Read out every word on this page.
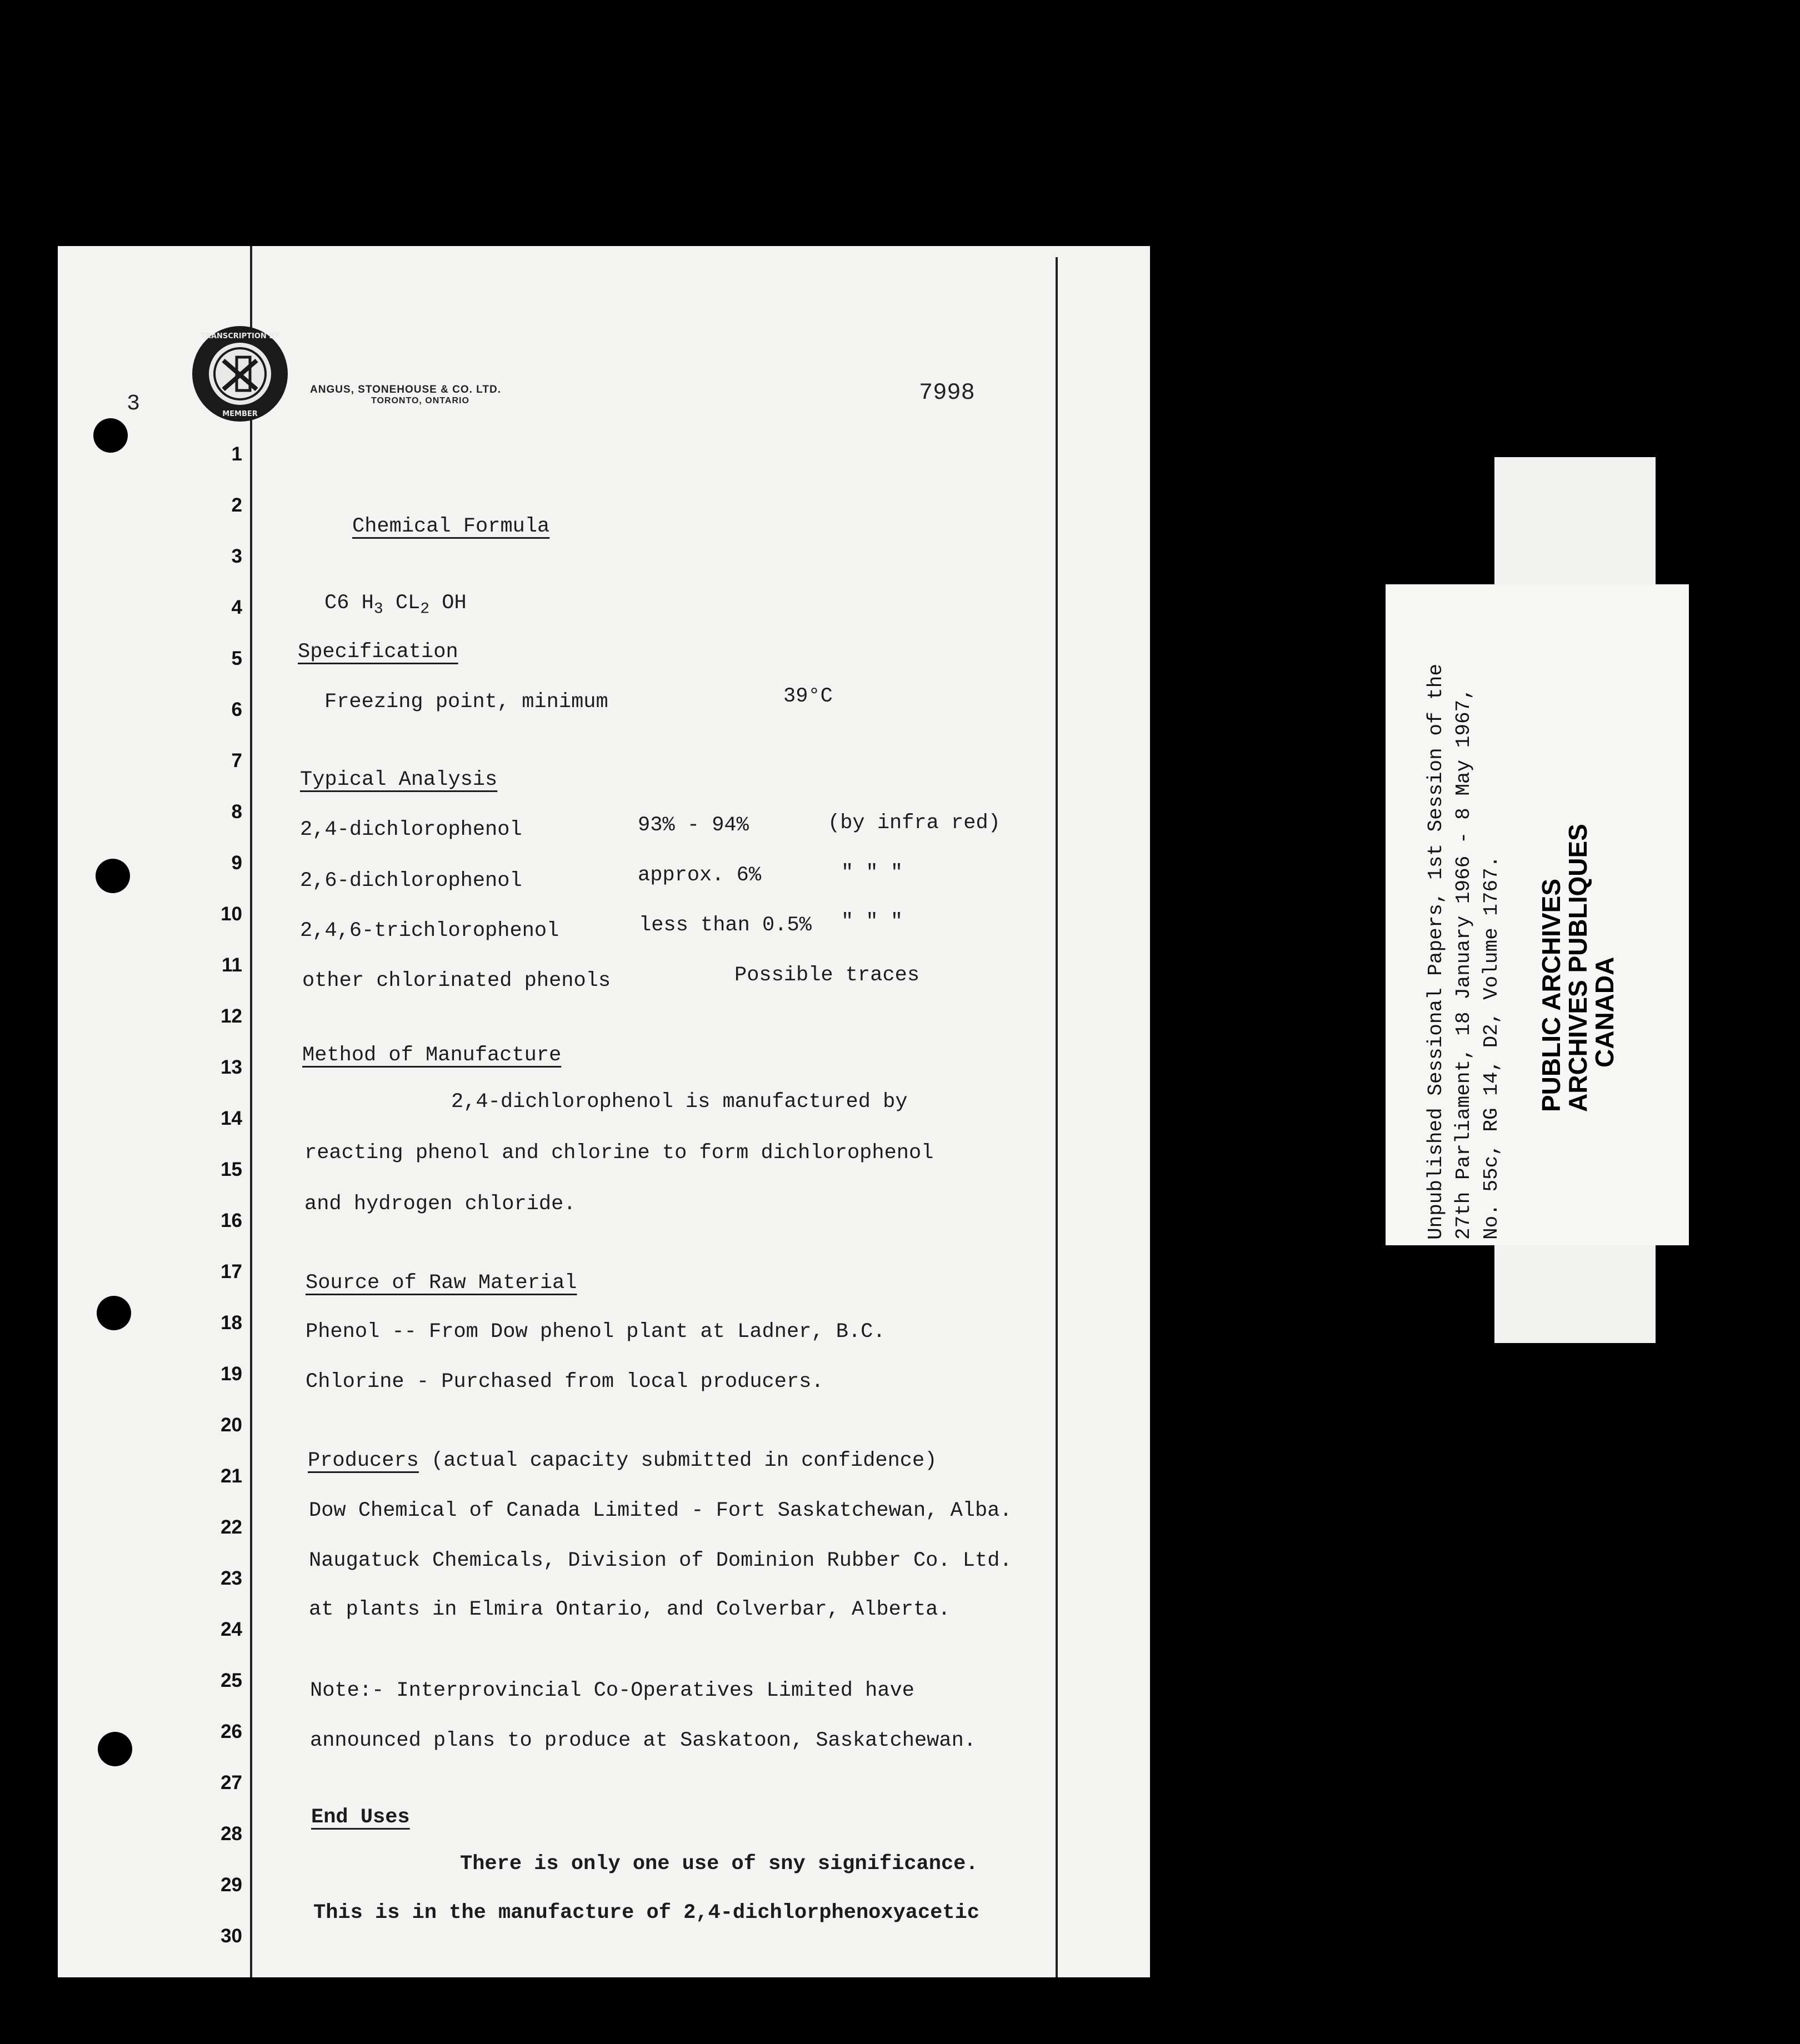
TRANSCRIPTION BY
MEMBER
3
ANGUS, STONEHOUSE & CO. LTD.
TORONTO, ONTARIO	7998
1
2
3
4
5
6
7
8
9
10
11
12
13
14
15
16
17
18
19
20
21
22
23
24
25
26
27
28
29
30
Chemical Formula
C6 $H_3$ $CL_2$ OH
Specification
Freezing point, minimum	39°C
Typical Analysis
2,4-dichlorophenol	93% - 94%	(by infra red)
2,6-dichlorophenol	approx. 6%	" " "
2,4,6-trichlorophenol	less than 0.5% " " "
other chlorinated phenols	Possible traces
Method of Manufacture
2,4-dichlorophenol is manufactured by
reacting phenol and chlorine to form dichlorophenol
and hydrogen chloride.
Source of Raw Material
Phenol -- From Dow phenol plant at Ladner, B.C.
Chlorine - Purchased from local producers.
Producers (actual capacity submitted in confidence)
Dow Chemical of Canada Limited - Fort Saskatchewan, Alba.
Naugatuck Chemicals, Division of Dominion Rubber Co. Ltd.
at plants in Elmira Ontario, and Colverbar, Alberta.
Note:- Interprovincial Co-Operatives Limited have
announced plans to produce at Saskatoon, Saskatchewan.
End Uses
There is only one use of sny significance.
This is in the manufacture of 2,4-dichlorphenoxyacetic
Unpublished Sessional Papers, 1st Session of the 27th Parliament, 18 January 1966 - 8 May 1967, No. 55c, RG 14, D2, Volume 1767. PUBLIC ARCHIVES
ARCHIVES PUBLIQUES
CANADA
